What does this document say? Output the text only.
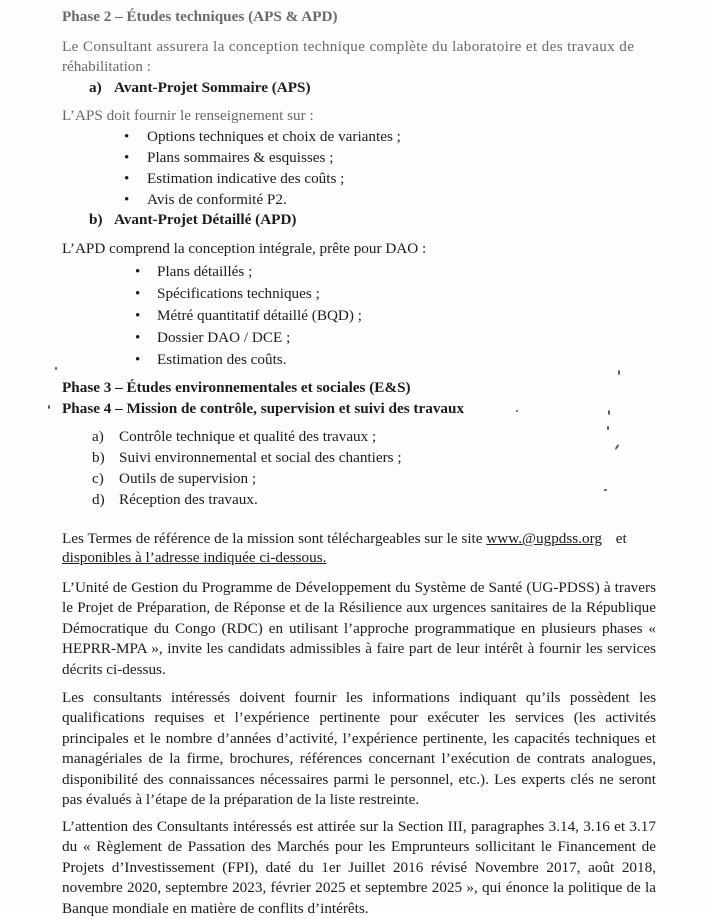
Phase 2 – Études techniques (APS & APD)
Le Consultant assurera la conception technique complète du laboratoire et des travaux de
réhabilitation :
a) Avant-Projet Sommaire (APS)
L’APS doit fournir le renseignement sur :
• Options techniques et choix de variantes ;
• Plans sommaires & esquisses ;
• Estimation indicative des coûts ;
• Avis de conformité P2.
b) Avant-Projet Détaillé (APD)
L’APD comprend la conception intégrale, prête pour DAO :
• Plans détaillés ;
• Spécifications techniques ;
• Métré quantitatif détaillé (BQD) ;
• Dossier DAO / DCE ;
• Estimation des coûts.
Phase 3 – Études environnementales et sociales (E&S)
Phase 4 – Mission de contrôle, supervision et suivi des travaux
a) Contrôle technique et qualité des travaux ;
b) Suivi environnemental et social des chantiers ;
c) Outils de supervision ;
d) Réception des travaux.
Les Termes de référence de la mission sont téléchargeables sur le site www.@ugpdss.org et
disponibles à l’adresse indiquée ci-dessous.
L’Unité de Gestion du Programme de Développement du Système de Santé (UG-PDSS) à travers le Projet de Préparation, de Réponse et de la Résilience aux urgences sanitaires de la République Démocratique du Congo (RDC) en utilisant l’approche programmatique en plusieurs phases « HEPRR-MPA », invite les candidats admissibles à faire part de leur intérêt à fournir les services décrits ci-dessus.
Les consultants intéressés doivent fournir les informations indiquant qu’ils possèdent les qualifications requises et l’expérience pertinente pour exécuter les services (les activités principales et le nombre d’années d’activité, l’expérience pertinente, les capacités techniques et managériales de la firme, brochures, références concernant l’exécution de contrats analogues, disponibilité des connaissances nécessaires parmi le personnel, etc.). Les experts clés ne seront pas évalués à l’étape de la préparation de la liste restreinte.
L’attention des Consultants intéressés est attirée sur la Section III, paragraphes 3.14, 3.16 et 3.17 du « Règlement de Passation des Marchés pour les Emprunteurs sollicitant le Financement de Projets d’Investissement (FPI), daté du 1er Juillet 2016 révisé Novembre 2017, août 2018, novembre 2020, septembre 2023, février 2025 et septembre 2025 », qui énonce la politique de la Banque mondiale en matière de conflits d’intérêts.
